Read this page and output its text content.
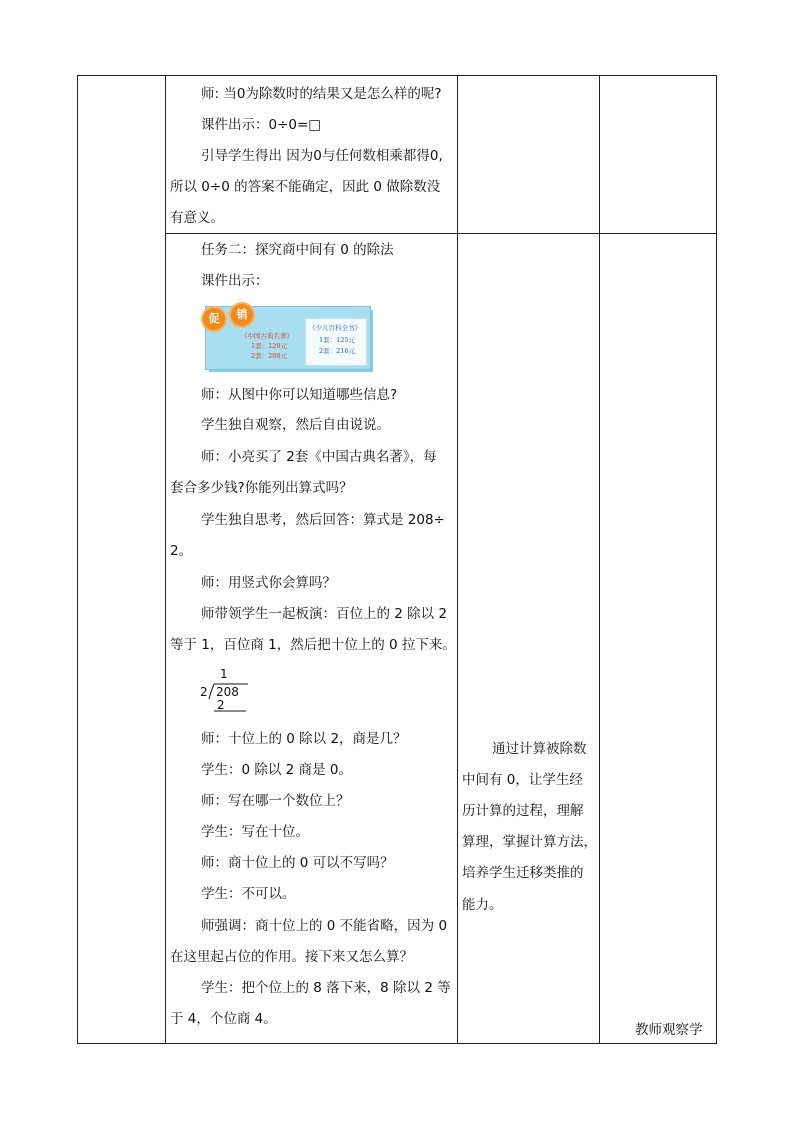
师: 当0为除数时的结果又是怎么样的呢?
课件出示：0÷0=□
引导学生得出 因为0与任何数相乘都得0,
所以 0÷0 的答案不能确定，因此 0 做除数没
有意义。
任务二：探究商中间有 0 的除法
课件出示：
促	销
《中国古典名著》
1套：120元
2套：208元
《少儿百科全书》
1套：125元
2套：216元
师：从图中你可以知道哪些信息?
学生独自观察，然后自由说说。
师：小亮买了 2套《中国古典名著》，每
套合多少钱?你能列出算式吗？
学生独自思考，然后回答：算式是 208÷
2。
师：用竖式你会算吗？
师带领学生一起板演：百位上的 2 除以 2
等于 1，百位商 1，然后把十位上的 0 拉下来。
1
2 208
2
师：十位上的 0 除以 2，商是几？
学生：0 除以 2 商是 0。
师：写在哪一个数位上？
学生：写在十位。
师：商十位上的 0 可以不写吗？
学生：不可以。
师强调：商十位上的 0 不能省略，因为 0
在这里起占位的作用。接下来又怎么算？
学生：把个位上的 8 落下来，8 除以 2 等
于 4，个位商 4。
通过计算被除数
中间有 0，让学生经
历计算的过程，理解
算理，掌握计算方法，
培养学生迁移类推的
能力。
教师观察学
